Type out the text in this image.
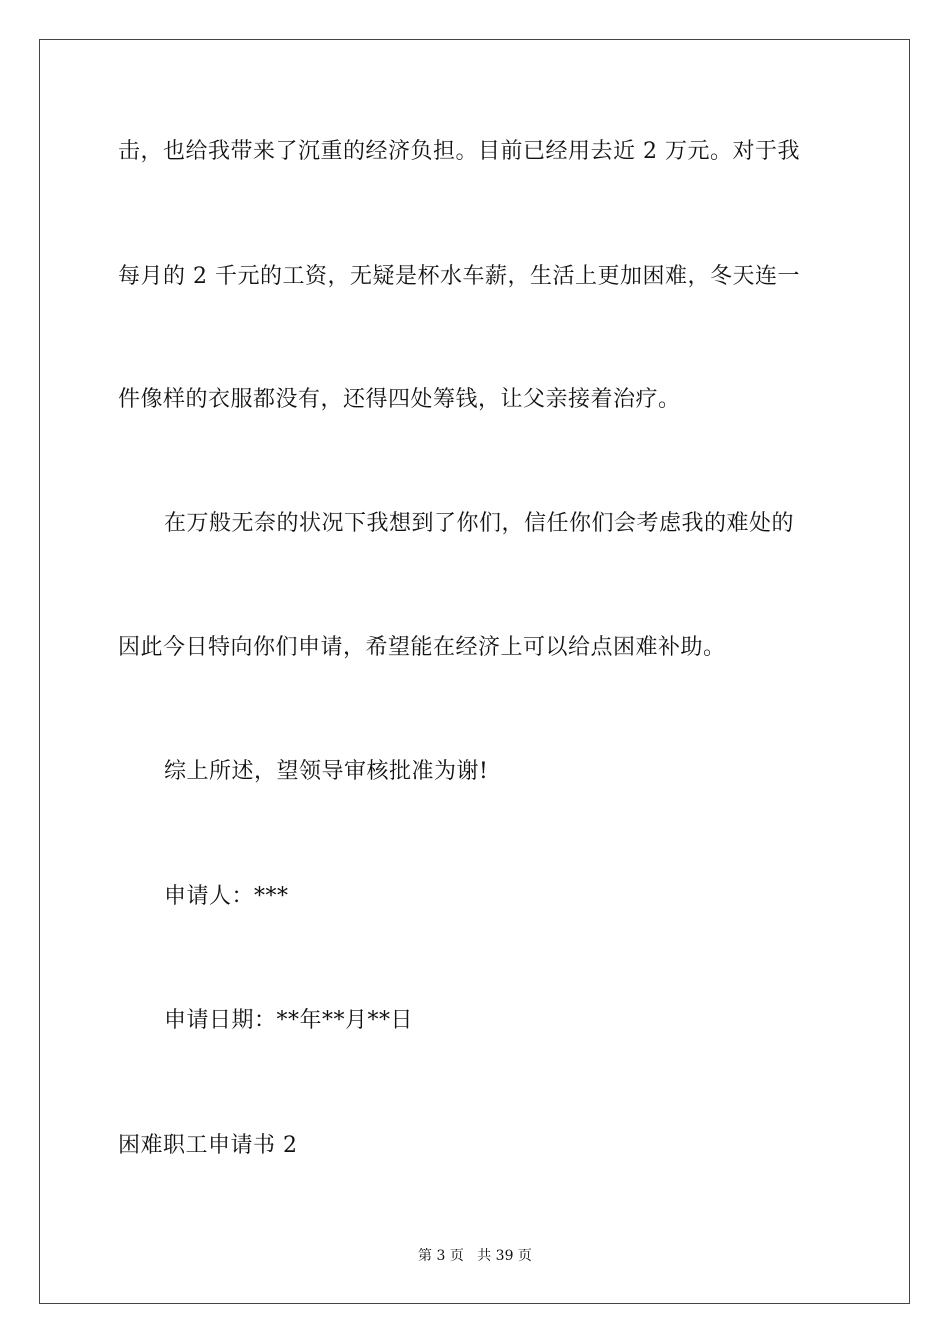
击，也给我带来了沉重的经济负担。目前已经用去近 2 万元。对于我
每月的 2 千元的工资，无疑是杯水车薪，生活上更加困难，冬天连一
件像样的衣服都没有，还得四处筹钱，让父亲接着治疗。
在万般无奈的状况下我想到了你们，信任你们会考虑我的难处的
因此今日特向你们申请，希望能在经济上可以给点困难补助。
综上所述，望领导审核批准为谢!
申请人：***
申请日期：**年**月**日
困难职工申请书 2
第 3 页 共 39 页
